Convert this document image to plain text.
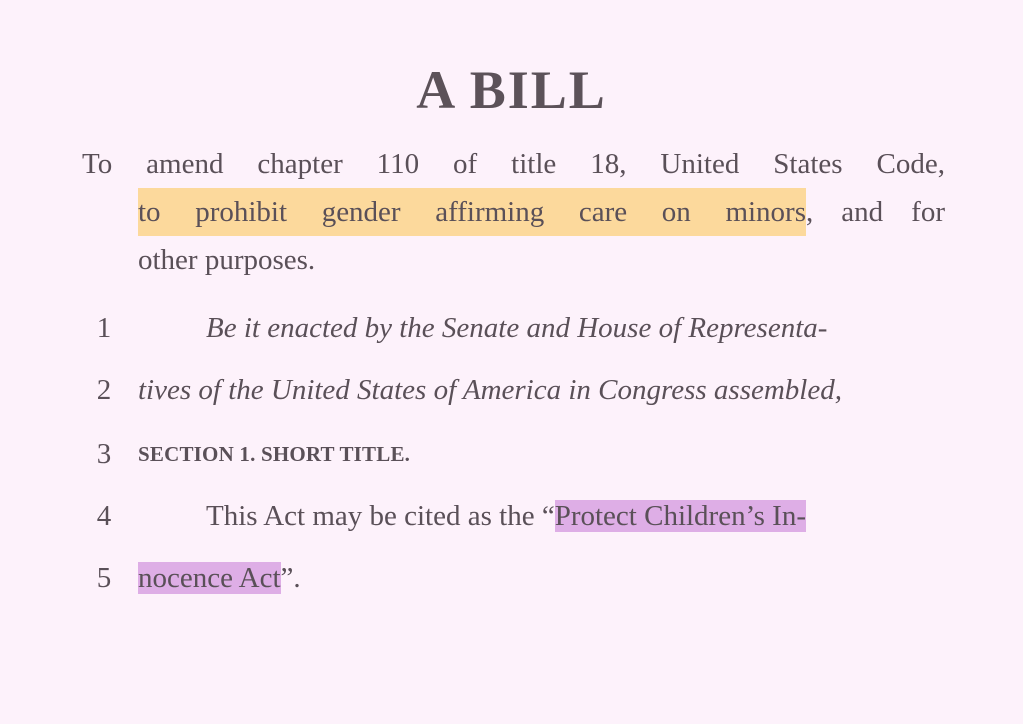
A BILL
To amend chapter 110 of title 18, United States Code,
to prohibit gender affirming care on minors , and for
other purposes.
1	Be it enacted by the Senate and House of Representa-
2 tives of the United States of America in Congress assembled,
3 SECTION 1. SHORT TITLE.
4	This Act may be cited as the “Protect Children’s In-
5 nocence Act”.
